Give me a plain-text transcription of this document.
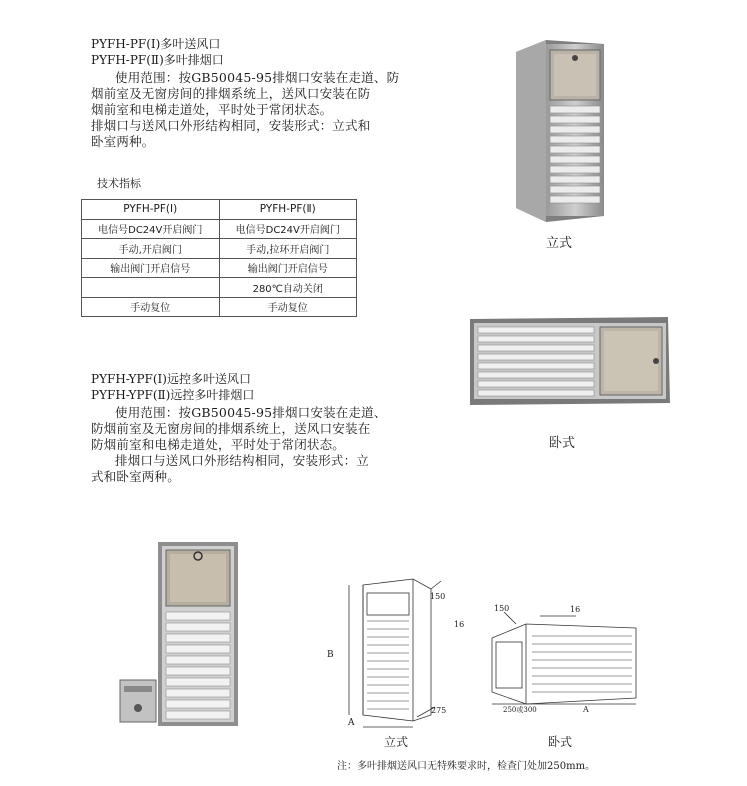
PYFH-PF(Ⅰ)多叶送风口
PYFH-PF(Ⅱ)多叶排烟口
使用范围：按GB50045-95排烟口安装在走道、防
烟前室及无窗房间的排烟系统上，送风口安装在防
烟前室和电梯走道处，平时处于常闭状态。
排烟口与送风口外形结构相同，安装形式：立式和
卧室两种。
技术指标
PYFH-PF(Ⅰ)	PYFH-PF(Ⅱ)
电信号DC24V开启阀门	电信号DC24V开启阀门
手动,开启阀门	手动,拉环开启阀门
输出阀门开启信号	输出阀门开启信号
	280℃自动关闭
手动复位	手动复位
立式
卧式
PYFH-YPF(Ⅰ)远控多叶送风口
PYFH-YPF(Ⅱ)远控多叶排烟口
使用范围：按GB50045-95排烟口安装在走道、
防烟前室及无窗房间的排烟系统上，送风口安装在
防烟前室和电梯走道处，平时处于常闭状态。
排烟口与送风口外形结构相同，安装形式：立
式和卧室两种。
A
B
150
16
275
立式
150	16
250或300	A
卧式
注：多叶排烟送风口无特殊要求时，检查门处加250mm。
